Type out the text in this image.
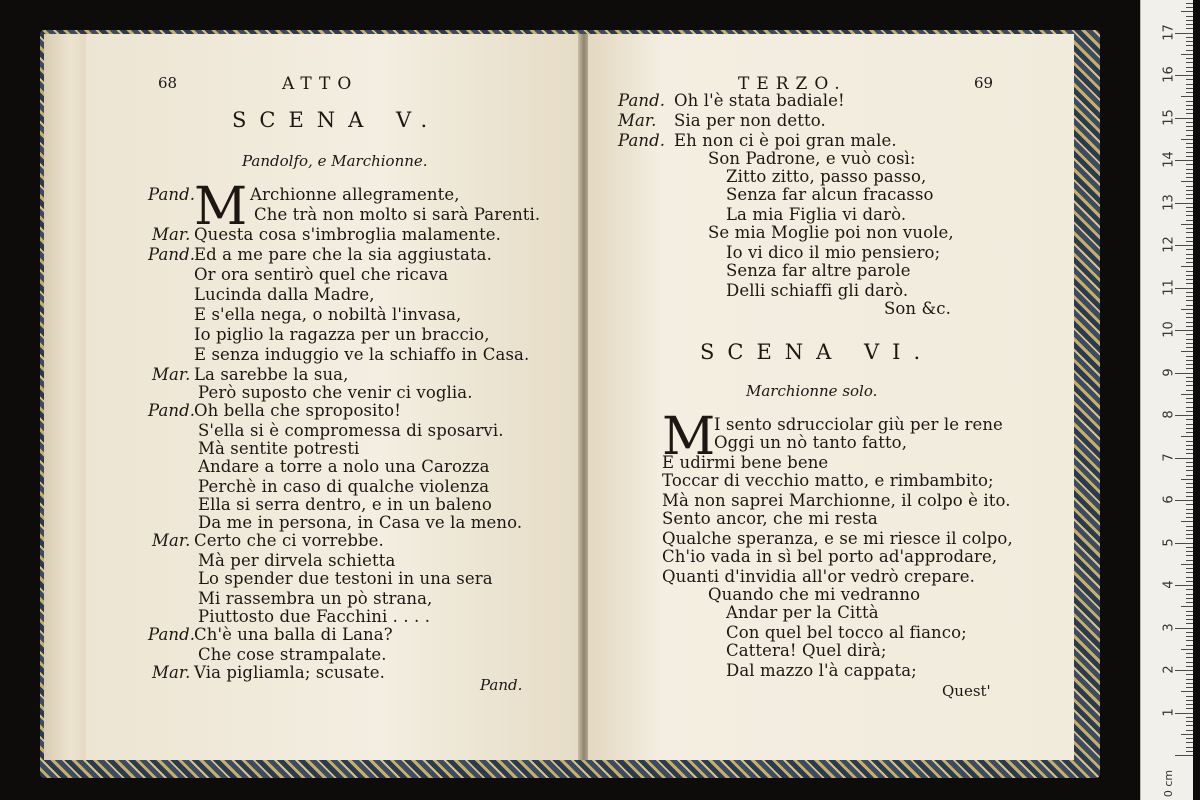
68	ATTO
SCENA V.
Pandolfo, e Marchionne.
M
Pand.	Archionne allegramente,
Che trà non molto si sarà Parenti.
Mar. Questa cosa s'imbroglia malamente.
Pand.
Ed a me pare che la sia aggiustata.
Or ora sentirò quel che ricava
Lucinda dalla Madre,
E s'ella nega, o nobiltà l'invasa,
Io piglio la ragazza per un braccio,
E senza induggio ve la schiaffo in Casa.
Mar. La sarebbe la sua,
Però suposto che venir ci voglia.
Pand.
Oh bella che sproposito!
S'ella si è compromessa di sposarvi.
Mà sentite potresti
Andare a torre a nolo una Carozza
Perchè in caso di qualche violenza
Ella si serra dentro, e in un baleno
Da me in persona, in Casa ve la meno.
Mar. Certo che ci vorrebbe.
Mà per dirvela schietta
Lo spender due testoni in una sera
Mi rassembra un pò strana,
Piuttosto due Facchini . . . .
Pand.
Ch'è una balla di Lana?
Che cose strampalate.
Mar. Via pigliamla; scusate.
Pand.
TERZO.	69
Pand. Oh l'è stata badiale!
Mar. Sia per non detto.
Pand. Eh non ci è poi gran male.
Son Padrone, e vuò così:
Zitto zitto, passo passo,
Senza far alcun fracasso
La mia Figlia vi darò.
Se mia Moglie poi non vuole,
Io vi dico il mio pensiero;
Senza far altre parole
Delli schiaffi gli darò.
Son &c.
SCENA VI.
Marchionne solo.
M
I sento sdrucciolar giù per le rene
Oggi un nò tanto fatto,
E udirmi bene bene
Toccar di vecchio matto, e rimbambito;
Mà non saprei Marchionne, il colpo è ito.
Sento ancor, che mi resta
Qualche speranza, e se mi riesce il colpo,
Ch'io vada in sì bel porto ad'approdare,
Quanti d'invidia all'or vedrò crepare.
Quando che mi vedranno
Andar per la Città
Con quel bel tocco al fianco;
Cattera! Quel dirà;
Dal mazzo l'à cappata;
Quest'
17
16
15
14
13
12
11
10
9
8
7
6
5
4
3
2
1
0 cm
